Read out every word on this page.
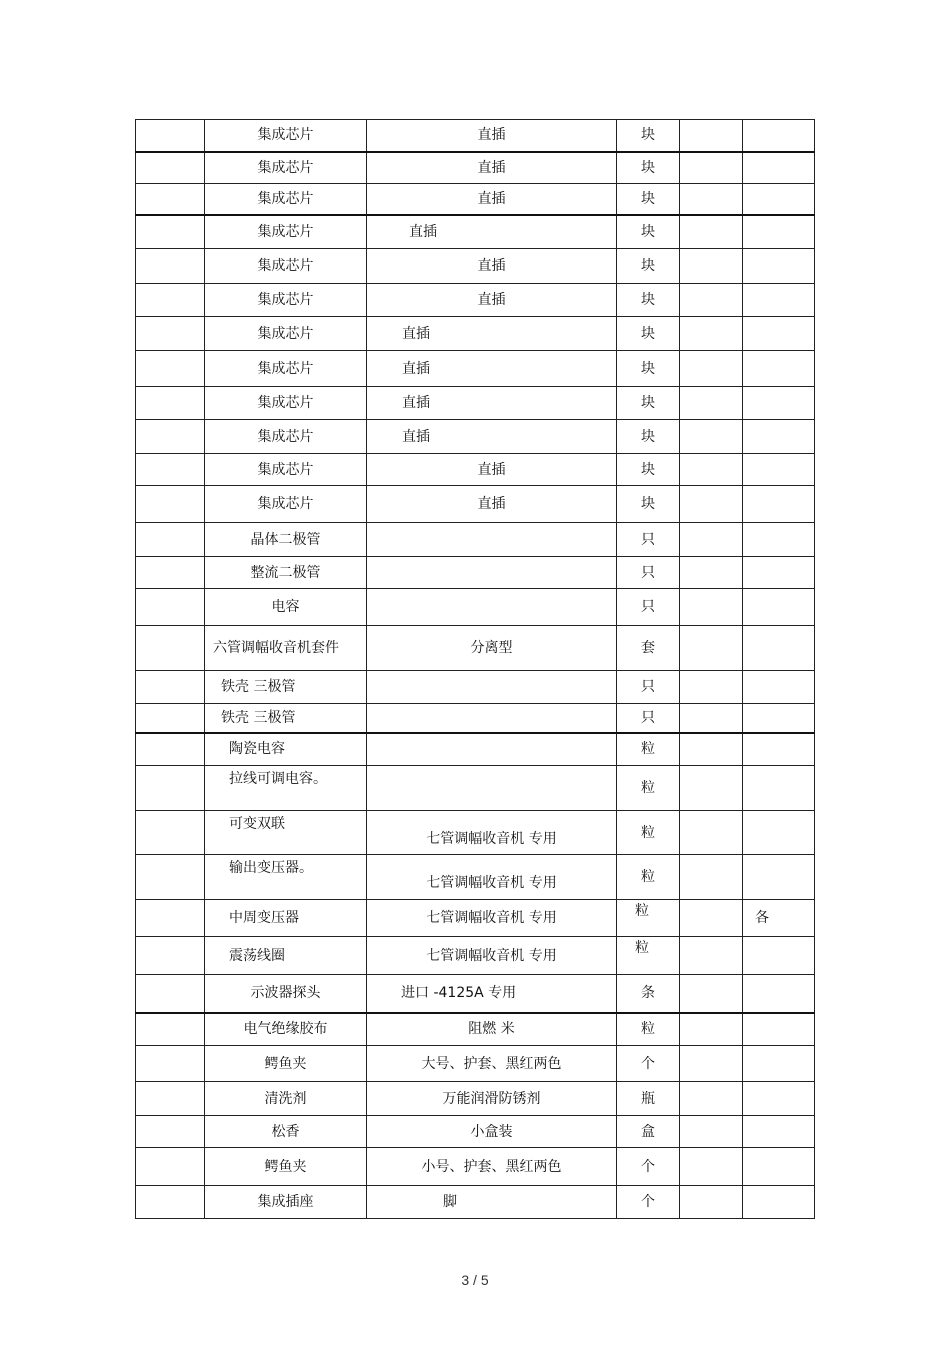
	集成芯片	直插	块		
	集成芯片	直插	块		
	集成芯片	直插	块		
	集成芯片	直插	块		
	集成芯片	直插	块		
	集成芯片	直插	块		
	集成芯片	直插	块		
	集成芯片	直插	块		
	集成芯片	直插	块		
	集成芯片	直插	块		
	集成芯片	直插	块		
	集成芯片	直插	块		
	晶体二极管		只		
	整流二极管		只		
	电容		只		
	六管调幅收音机套件	分离型	套		
	铁壳 三极管		只		
	铁壳 三极管		只		
	陶瓷电容		粒		
	拉线可调电容。		粒		
	可变双联	七管调幅收音机 专用	粒		
	输出变压器。	七管调幅收音机 专用	粒		
	中周变压器	七管调幅收音机 专用	粒		各
	震荡线圈	七管调幅收音机 专用	粒		
	示波器探头	进口 -4125A 专用	条		
	电气绝缘胶布	阻燃 米	粒		
	鳄鱼夹	大号、护套、黑红两色	个		
	清洗剂	万能润滑防锈剂	瓶		
	松香	小盒装	盒		
	鳄鱼夹	小号、护套、黑红两色	个		
	集成插座	脚	个		
3 / 5
